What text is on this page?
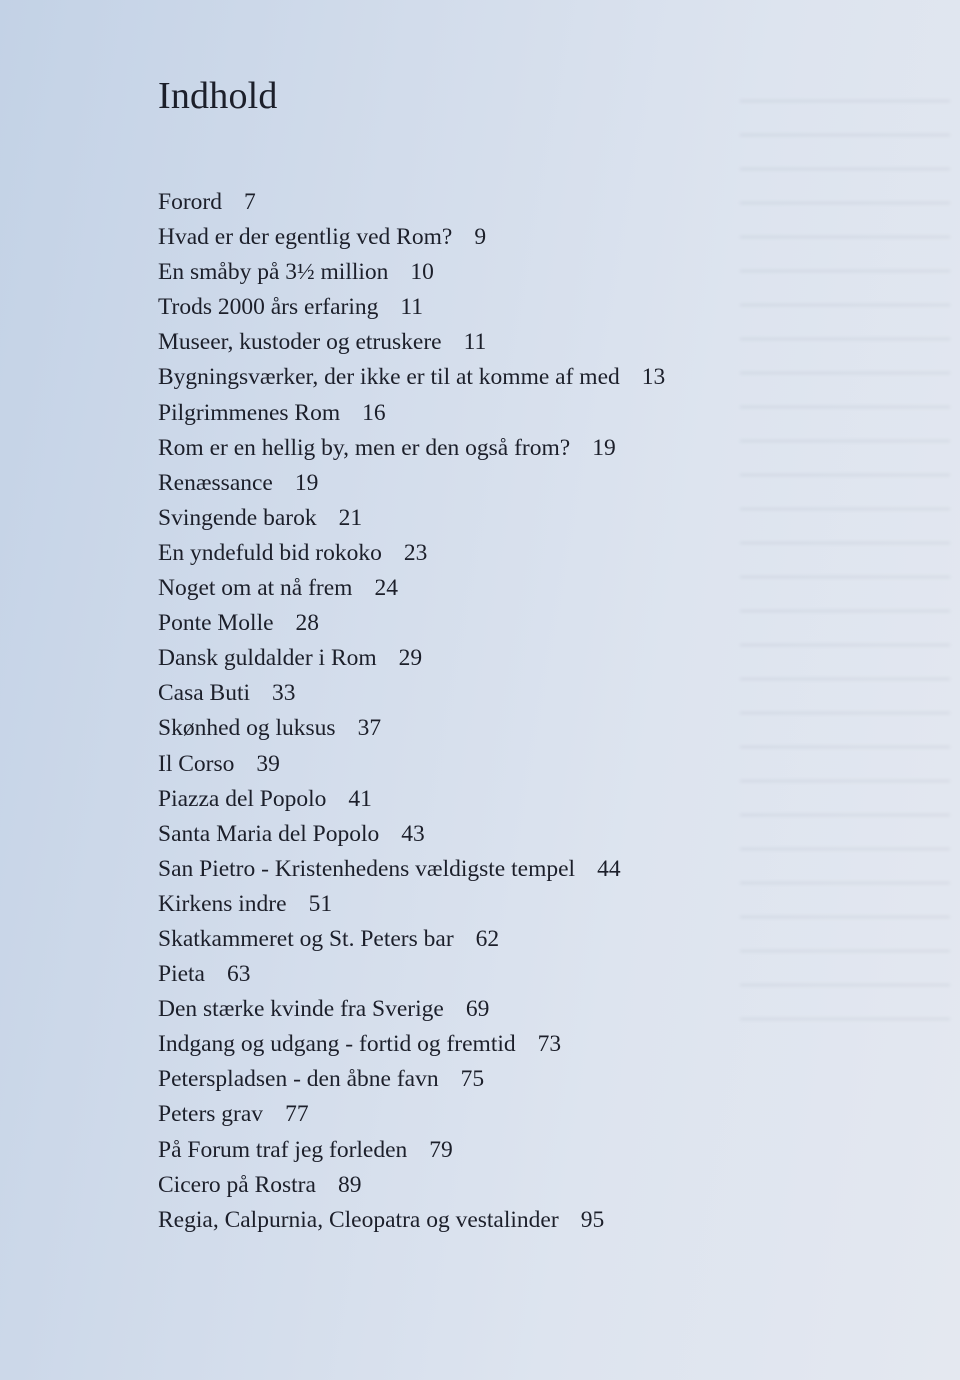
Indhold
Forord 7
Hvad er der egentlig ved Rom? 9
En småby på 3½ million 10
Trods 2000 års erfaring 11
Museer, kustoder og etruskere 11
Bygningsværker, der ikke er til at komme af med 13
Pilgrimmenes Rom 16
Rom er en hellig by, men er den også from? 19
Renæssance 19
Svingende barok 21
En yndefuld bid rokoko 23
Noget om at nå frem 24
Ponte Molle 28
Dansk guldalder i Rom 29
Casa Buti 33
Skønhed og luksus 37
Il Corso 39
Piazza del Popolo 41
Santa Maria del Popolo 43
San Pietro - Kristenhedens vældigste tempel 44
Kirkens indre 51
Skatkammeret og St. Peters bar 62
Pieta 63
Den stærke kvinde fra Sverige 69
Indgang og udgang - fortid og fremtid 73
Peterspladsen - den åbne favn 75
Peters grav 77
På Forum traf jeg forleden 79
Cicero på Rostra 89
Regia, Calpurnia, Cleopatra og vestalinder 95
